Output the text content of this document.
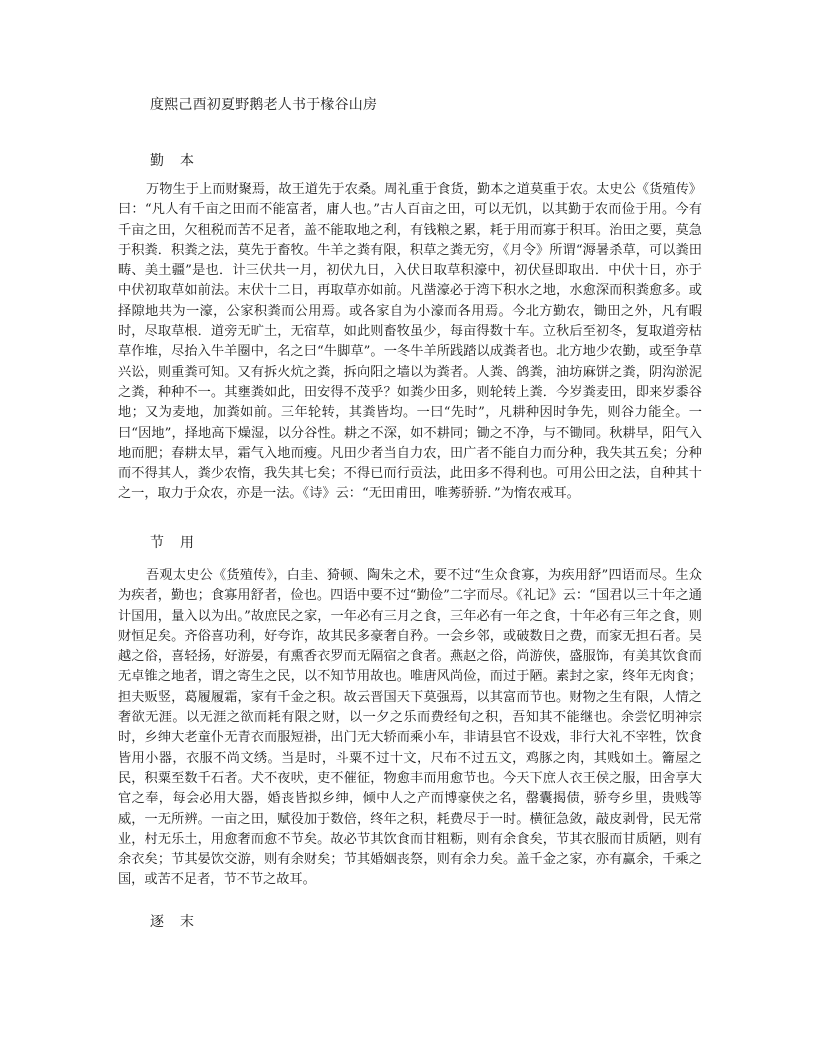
度熙己酉初夏野鹅老人书于椽谷山房

勤本

万物生于上而财聚焉，故王道先于农桑。周礼重于食货，勤本之道莫重于农。太史公《货殖传》曰：“凡人有千亩之田而不能富者，庸人也。”古人百亩之田，可以无饥，以其勤于农而俭于用。今有千亩之田，欠租税而苦不足者，盖不能取地之利，有钱粮之累，耗于用而寡于积耳。治田之要，莫急于积粪．积粪之法，莫先于畜牧。牛羊之粪有限，积草之粪无穷，《月令》所谓“溽暑杀草，可以粪田畴、美土疆”是也．计三伏共一月，初伏九日，入伏日取草积濠中，初伏昼即取出．中伏十日，亦于中伏初取草如前法。末伏十二日，再取草亦如前。凡凿濠必于湾下积水之地，水愈深而积粪愈多。或择隙地共为一濠，公家积粪而公用焉。或各家自为小濠而各用焉。今北方勤农，锄田之外，凡有暇时，尽取草根．道旁无旷土，无宿草，如此则畜牧虽少，每亩得数十车。立秋后至初冬，复取道旁枯草作堆，尽抬入牛羊圈中，名之曰“牛脚草”。一冬牛羊所践踏以成粪者也。北方地少农勤，或至争草兴讼，则重粪可知。又有拆火炕之粪，拆向阳之墙以为粪者。人粪、鸽粪，油坊麻饼之粪，阴沟淤泥之粪，种种不一。其壅粪如此，田安得不茂乎？如粪少田多，则轮转上粪．今岁粪麦田，即来岁黍谷地；又为麦地，加粪如前。三年轮转，其粪皆均。一曰“先时”，凡耕种因时争先，则谷力能全。一曰“因地”，择地高下燥湿，以分谷性。耕之不深，如不耕同；锄之不净，与不锄同。秋耕早，阳气入地而肥；春耕太早，霜气入地而瘦。凡田少者当自力农，田广者不能自力而分种，我失其五矣；分种而不得其人，粪少农惰，我失其七矣；不得已而行贡法，此田多不得利也。可用公田之法，自种其十之一，取力于众农，亦是一法。《诗》云：“无田甫田，唯莠骄骄．”为惰农戒耳。

节用

吾观太史公《货殖传》，白圭、猗顿、陶朱之术，要不过“生众食寡，为疾用舒”四语而尽。生众为疾者，勤也；食寡用舒者，俭也。四语中要不过“勤俭”二字而尽。《礼记》云：“国君以三十年之通计国用，量入以为出。”故庶民之家，一年必有三月之食，三年必有一年之食，十年必有三年之食，则财恒足矣。齐俗喜功利，好夸诈，故其民多豪奢自矜。一会乡邻，或破数日之费，而家无担石者。吴越之俗，喜轻扬，好游晏，有熏香衣罗而无隔宿之食者。燕赵之俗，尚游侠，盛服饰，有美其饮食而无卓锥之地者，谓之寄生之民，以不知节用故也。唯唐风尚俭，而过于陋。素封之家，终年无肉食；担夫贩竖，葛履履霜，家有千金之积。故云晋国天下莫强焉，以其富而节也。财物之生有限，人情之奢欲无涯。以无涯之欲而耗有限之财，以一夕之乐而费经旬之积，吾知其不能继也。余尝忆明神宗时，乡绅大老童仆无青衣而服短褂，出门无大轿而乘小车，非请县官不设戏，非行大礼不宰牲，饮食皆用小器，衣服不尚文绣。当是时，斗粟不过十文，尺布不过五文，鸡豚之肉，其贱如土。籥屋之民，积粟至数千石者。犬不夜吠，吏不催征，物愈丰而用愈节也。今天下庶人衣王侯之服，田舍享大官之奉，每会必用大器，婚丧皆拟乡绅，倾中人之产而博豪侠之名，罄囊揭债，骄夸乡里，贵贱等威，一无所辨。一亩之田，赋役加于数倍，终年之积，耗费尽于一时。横征急敛，敲皮剥骨，民无常业，村无乐土，用愈奢而愈不节矣。故必节其饮食而甘粗粝，则有余食矣，节其衣服而甘质陋，则有余衣矣；节其晏饮交游，则有余财矣；节其婚姻丧祭，则有余力矣。盖千金之家，亦有赢余，千乘之国，或苦不足者，节不节之故耳。

逐末
